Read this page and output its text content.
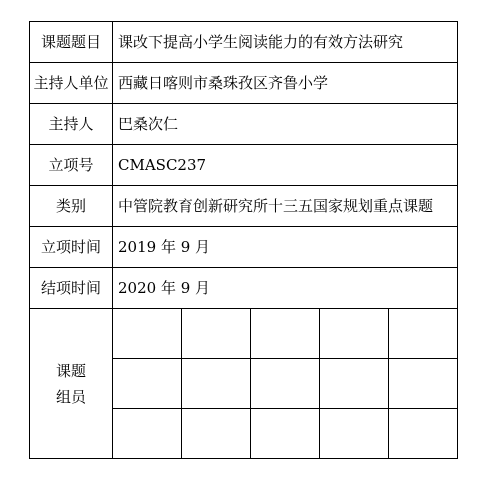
课题题目	课改下提高小学生阅读能力的有效方法研究
主持人单位	西藏日喀则市桑珠孜区齐鲁小学
主持人	巴桑次仁
立项号	CMASC237
类别	中管院教育创新研究所十三五国家规划重点课题
立项时间	2019 年 9 月
结项时间	2020 年 9 月

课题
组员
